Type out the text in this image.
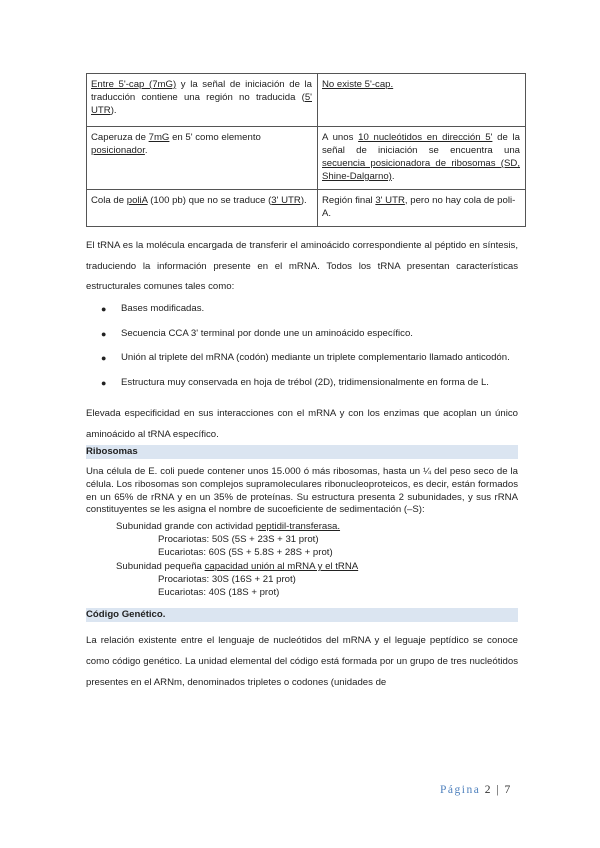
Entre 5'-cap (7mG) y la señal de iniciación de la traducción contiene una región no traducida (5' UTR).	No existe 5'-cap.
Caperuza de 7mG en 5' como elemento posicionador.	A unos 10 nucleótidos en dirección 5' de la señal de iniciación se encuentra una secuencia posicionadora de ribosomas (SD, Shine-Dalgarno).
Cola de poliA (100 pb) que no se traduce (3' UTR).	Región final 3' UTR, pero no hay cola de poli-A.
El tRNA es la molécula encargada de transferir el aminoácido correspondiente al péptido en síntesis, traduciendo la información presente en el mRNA. Todos los tRNA presentan características estructurales comunes tales como:
● Bases modificadas.
● Secuencia CCA 3' terminal por donde une un aminoácido específico.
● Unión al triplete del mRNA (codón) mediante un triplete complementario llamado anticodón.
● Estructura muy conservada en hoja de trébol (2D), tridimensionalmente en forma de L.
Elevada especificidad en sus interacciones con el mRNA y con los enzimas que acoplan un único aminoácido al tRNA específico.
Ribosomas
Una célula de E. coli puede contener unos 15.000 ó más ribosomas, hasta un ¼ del peso seco de la célula. Los ribosomas son complejos supramoleculares ribonucleoproteicos, es decir, están formados en un 65% de rRNA y en un 35% de proteínas. Su estructura presenta 2 subunidades, y sus rRNA constituyentes se les asigna el nombre de sucoeficiente de sedimentación (–S):
Subunidad grande con actividad peptidil-transferasa.
Procariotas: 50S (5S + 23S + 31 prot)
Eucariotas: 60S (5S + 5.8S + 28S + prot)
Subunidad pequeña capacidad unión al mRNA y el tRNA
Procariotas: 30S (16S + 21 prot)
Eucariotas: 40S (18S + prot)
Código Genético.
La relación existente entre el lenguaje de nucleótidos del mRNA y el leguaje peptídico se conoce como código genético. La unidad elemental del código está formada por un grupo de tres nucleótidos presentes en el ARNm, denominados tripletes o codones (unidades de
Página 2 | 7
